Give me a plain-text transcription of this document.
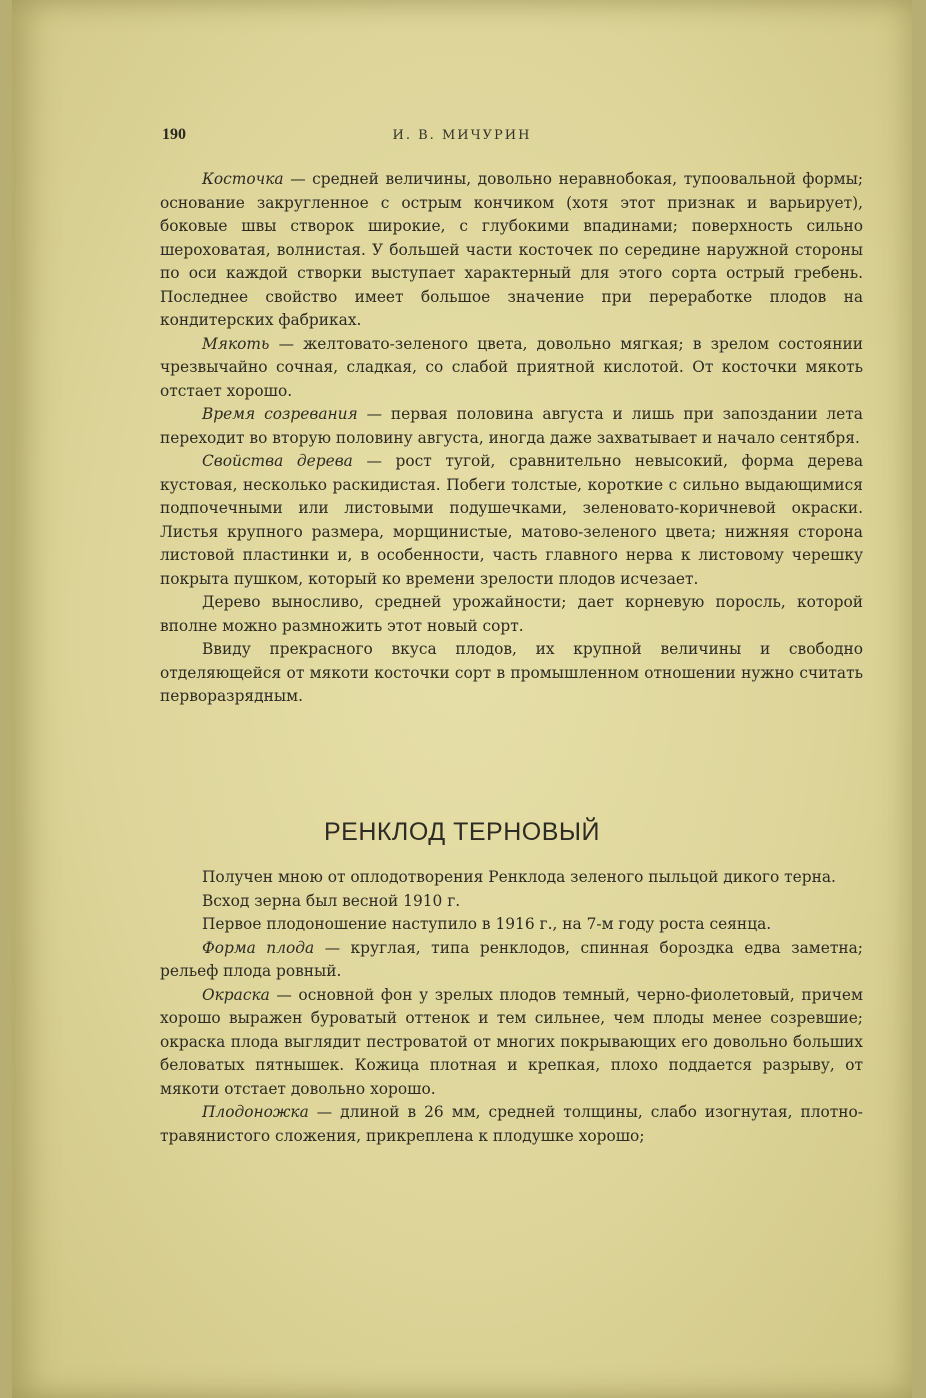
190	И. В. МИЧУРИН

Косточка — средней величины, довольно неравнобокая, тупоовальной формы; основание закругленное с острым кончиком (хотя этот признак и варьирует), боковые швы створок широкие, с глубокими впадинами; поверхность сильно шероховатая, волнистая. У большей части косточек по середине наружной стороны по оси каждой створки выступает характерный для этого сорта острый гребень. Последнее свойство имеет большое значение при переработке плодов на кондитерских фабриках.

Мякоть — желтовато-зеленого цвета, довольно мягкая; в зрелом состоянии чрезвычайно сочная, сладкая, со слабой приятной кислотой. От косточки мякоть отстает хорошо.

Время созревания — первая половина августа и лишь при запоздании лета переходит во вторую половину августа, иногда даже захватывает и начало сентября.

Свойства дерева — рост тугой, сравнительно невысокий, форма дерева кустовая, несколько раскидистая. Побеги толстые, короткие с сильно выдающимися подпочечными или листовыми подушечками, зеленовато-коричневой окраски. Листья крупного размера, морщинистые, матово-зеленого цвета; нижняя сторона листовой пластинки и, в особенности, часть главного нерва к листовому черешку покрыта пушком, который ко времени зрелости плодов исчезает.

Дерево выносливо, средней урожайности; дает корневую поросль, которой вполне можно размножить этот новый сорт.

Ввиду прекрасного вкуса плодов, их крупной величины и свободно отделяющейся от мякоти косточки сорт в промышленном отношении нужно считать перворазрядным.

РЕНКЛОД ТЕРНОВЫЙ

Получен мною от оплодотворения Ренклода зеленого пыльцой дикого терна.

Всход зерна был весной 1910 г.

Первое плодоношение наступило в 1916 г., на 7-м году роста сеянца.

Форма плода — круглая, типа ренклодов, спинная бороздка едва заметна; рельеф плода ровный.

Окраска — основной фон у зрелых плодов темный, черно-фиолетовый, причем хорошо выражен буроватый оттенок и тем сильнее, чем плоды менее созревшие; окраска плода выглядит пестроватой от многих покрывающих его довольно больших беловатых пятнышек. Кожица плотная и крепкая, плохо поддается разрыву, от мякоти отстает довольно хорошо.

Плодоножка — длиной в 26 мм, средней толщины, слабо изогнутая, плотно-травянистого сложения, прикреплена к плодушке хорошо;
